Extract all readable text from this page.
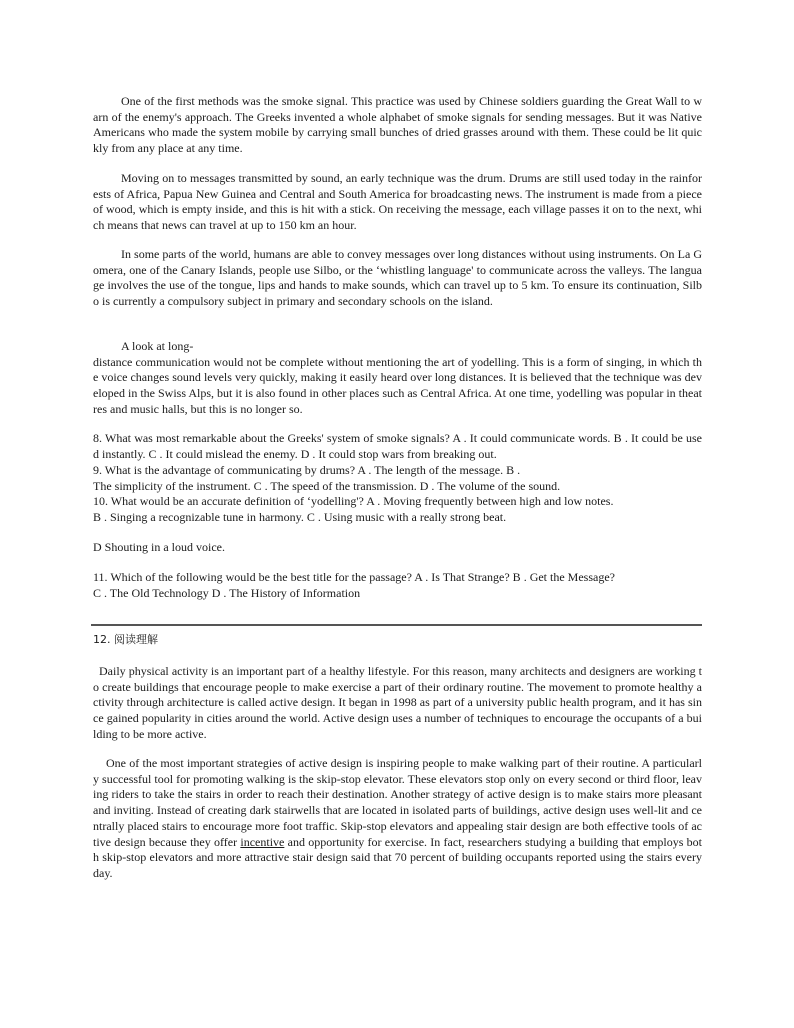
One of the first methods was the smoke signal. This practice was used by Chinese soldiers guarding the Great Wall to warn of the enemy's approach. The Greeks invented a whole alphabet of smoke signals for sending messages. But it was Native Americans who made the system mobile by carrying small bunches of dried grasses around with them. These could be lit quickly from any place at any time.

Moving on to messages transmitted by sound, an early technique was the drum. Drums are still used today in the rainforests of Africa, Papua New Guinea and Central and South America for broadcasting news. The instrument is made from a piece of wood, which is empty inside, and this is hit with a stick. On receiving the message, each village passes it on to the next, which means that news can travel at up to 150 km an hour.

In some parts of the world, humans are able to convey messages over long distances without using instruments. On La Gomera, one of the Canary Islands, people use Silbo, or the ‘whistling language' to communicate across the valleys. The language involves the use of the tongue, lips and hands to make sounds, which can travel up to 5 km. To ensure its continuation, Silbo is currently a compulsory subject in primary and secondary schools on the island.

A look at long-
distance communication would not be complete without mentioning the art of yodelling. This is a form of singing, in which the voice changes sound levels very quickly, making it easily heard over long distances. It is believed that the technique was developed in the Swiss Alps, but it is also found in other places such as Central Africa. At one time, yodelling was popular in theatres and music halls, but this is no longer so.
8. What was most remarkable about the Greeks' system of smoke signals? A . It could communicate words. B . It could be used instantly. C . It could mislead the enemy. D . It could stop wars from breaking out.
9. What is the advantage of communicating by drums? A . The length of the message. B .
The simplicity of the instrument. C . The speed of the transmission. D . The volume of the sound.
10. What would be an accurate definition of ‘yodelling'? A . Moving frequently between high and low notes.
B . Singing a recognizable tune in harmony. C . Using music with a really strong beat.
D Shouting in a loud voice.
11. Which of the following would be the best title for the passage? A . Is That Strange? B . Get the Message?
C . The Old Technology D . The History of Information
12. 阅读理解

Daily physical activity is an important part of a healthy lifestyle. For this reason, many architects and designers are working to create buildings that encourage people to make exercise a part of their ordinary routine. The movement to promote healthy activity through architecture is called active design. It began in 1998 as part of a university public health program, and it has since gained popularity in cities around the world. Active design uses a number of techniques to encourage the occupants of a building to be more active.

One of the most important strategies of active design is inspiring people to make walking part of their routine. A particularly successful tool for promoting walking is the skip-stop elevator. These elevators stop only on every second or third floor, leaving riders to take the stairs in order to reach their destination. Another strategy of active design is to make stairs more pleasant and inviting. Instead of creating dark stairwells that are located in isolated parts of buildings, active design uses well-lit and centrally placed stairs to encourage more foot traffic. Skip-stop elevators and appealing stair design are both effective tools of active design because they offer incentive and opportunity for exercise. In fact, researchers studying a building that employs both skip-stop elevators and more attractive stair design said that 70 percent of building occupants reported using the stairs every day.
